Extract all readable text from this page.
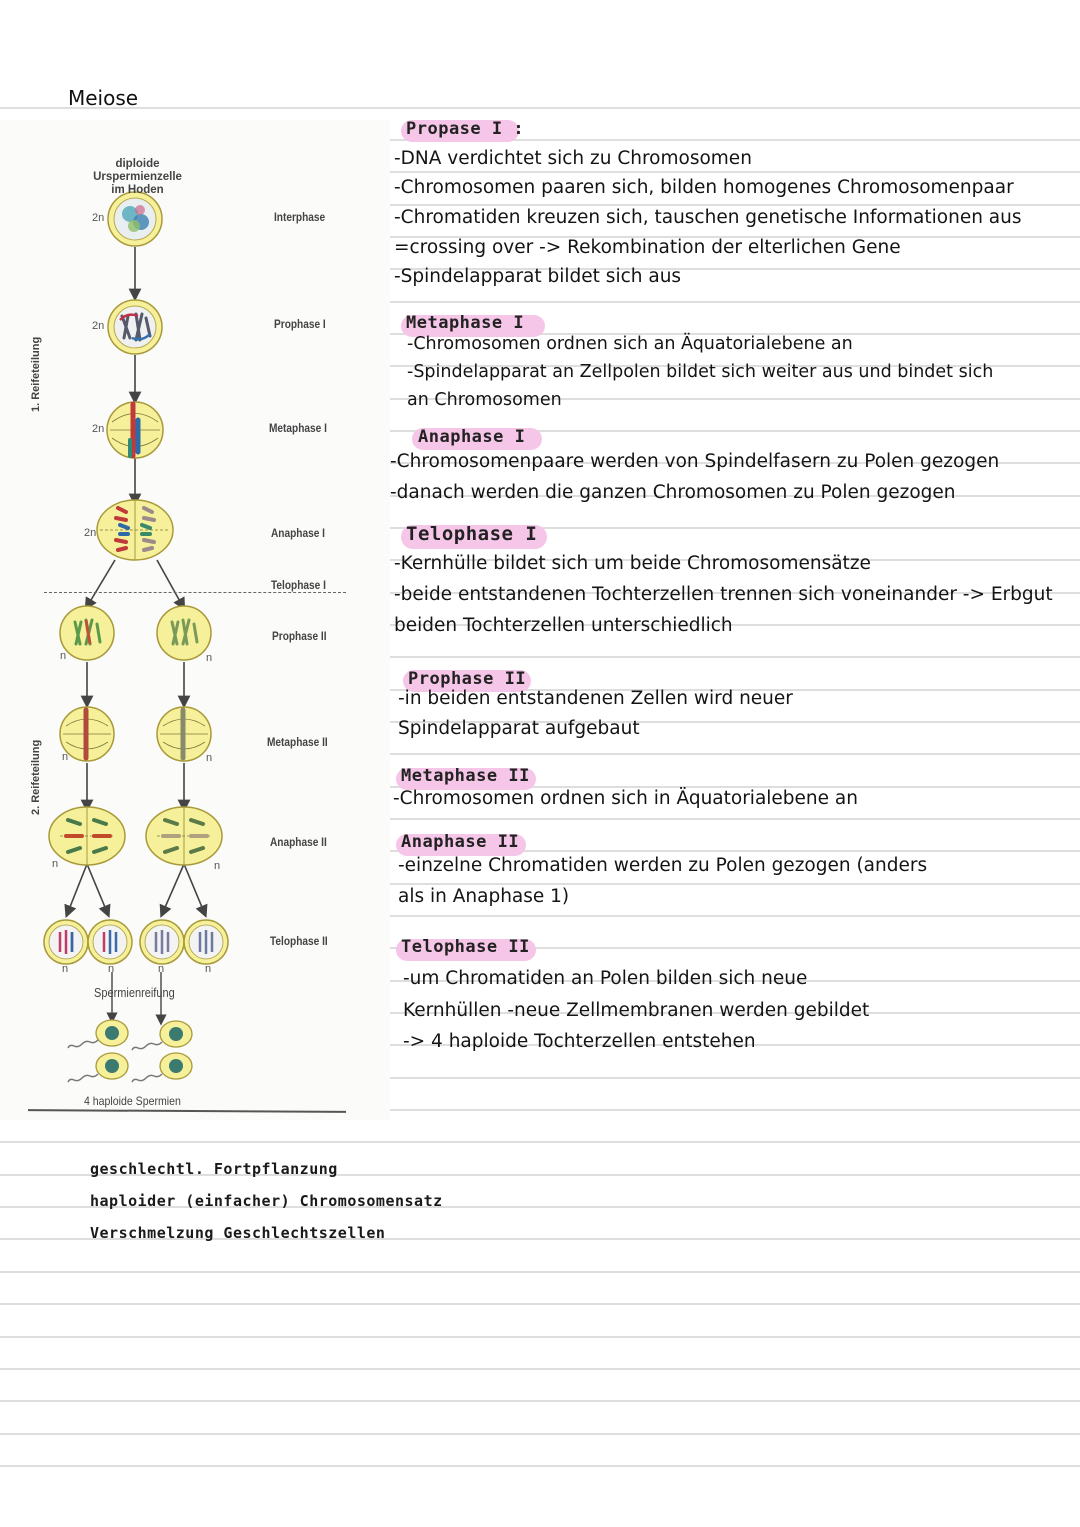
Meiose
diploide Urspermienzelle
im Hoden
1. Reifeteilung
2. Reifeteilung
Interphase
Prophase I
Metaphase I
Anaphase I
Telophase I
Prophase II
Metaphase II
Anaphase II
Telophase II
2n
2n
2n
2n
n	n
n	n
n	n
n	n	n	n
Spermienreifung
4 haploide Spermien
Propase I :
-DNA verdichtet sich zu Chromosomen
-Chromosomen paaren sich, bilden homogenes Chromosomenpaar
-Chromatiden kreuzen sich, tauschen genetische Informationen aus
=crossing over -> Rekombination der elterlichen Gene
-Spindelapparat bildet sich aus
Metaphase I
-Chromosomen ordnen sich an Äquatorialebene an
-Spindelapparat an Zellpolen bildet sich weiter aus und bindet sich
an Chromosomen
Anaphase I
-Chromosomenpaare werden von Spindelfasern zu Polen gezogen
-danach werden die ganzen Chromosomen zu Polen gezogen
Telophase I
-Kernhülle bildet sich um beide Chromosomensätze
-beide entstandenen Tochterzellen trennen sich voneinander -> Erbgut
beiden Tochterzellen unterschiedlich
Prophase II
-in beiden entstandenen Zellen wird neuer
Spindelapparat aufgebaut
Metaphase II
-Chromosomen ordnen sich in Äquatorialebene an
Anaphase II
-einzelne Chromatiden werden zu Polen gezogen (anders
als in Anaphase 1)
Telophase II
-um Chromatiden an Polen bilden sich neue
Kernhüllen -neue Zellmembranen werden gebildet
-> 4 haploide Tochterzellen entstehen
geschlechtl. Fortpflanzung
haploider (einfacher) Chromosomensatz
Verschmelzung Geschlechtszellen
